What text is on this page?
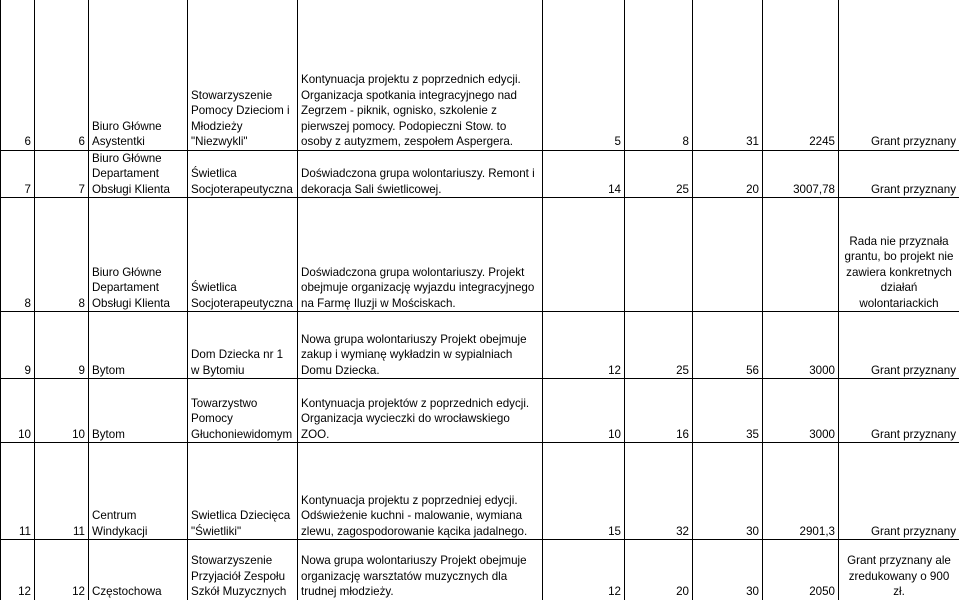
6	6	Biuro Główne Asystentki	Stowarzyszenie Pomocy Dzieciom i Młodzieży "Niezwykli"	Kontynuacja projektu z poprzednich edycji. Organizacja spotkania integracyjnego nad Zegrzem - piknik, ognisko, szkolenie z pierwszej pomocy. Podopieczni Stow. to osoby z autyzmem, zespołem Aspergera.	5	8	31	2245	Grant przyznany
7	7	Biuro Główne Departament Obsługi Klienta	Świetlica Socjoterapeutyczna	Doświadczona grupa wolontariuszy. Remont i dekoracja Sali świetlicowej.	14	25	20	3007,78	Grant przyznany
8	8	Biuro Główne Departament Obsługi Klienta	Świetlica Socjoterapeutyczna	Doświadczona grupa wolontariuszy. Projekt obejmuje organizację wyjazdu integracyjnego na Farmę Iluzji w Mościskach.					Rada nie przyznała grantu, bo projekt nie zawiera konkretnych działań wolontariackich
9	9	Bytom	Dom Dziecka nr 1 w Bytomiu	Nowa grupa wolontariuszy Projekt obejmuje zakup i wymianę wykładzin w sypialniach Domu Dziecka.	12	25	56	3000	Grant przyznany
10	10	Bytom	Towarzystwo Pomocy Głuchoniewidomym	Kontynuacja projektów z poprzednich edycji. Organizacja wycieczki do wrocławskiego ZOO.	10	16	35	3000	Grant przyznany
11	11	Centrum Windykacji	Swietlica Dziecięca "Świetliki"	Kontynuacja projektu z poprzedniej edycji. Odświeżenie kuchni - malowanie, wymiana zlewu, zagospodorowanie kącika jadalnego.	15	32	30	2901,3	Grant przyznany
12	12	Częstochowa	Stowarzyszenie Przyjaciół Zespołu Szkół Muzycznych	Nowa grupa wolontariuszy Projekt obejmuje organizację warsztatów muzycznych dla trudnej młodzieży.	12	20	30	2050	Grant przyznany ale zredukowany o 900 zł.
